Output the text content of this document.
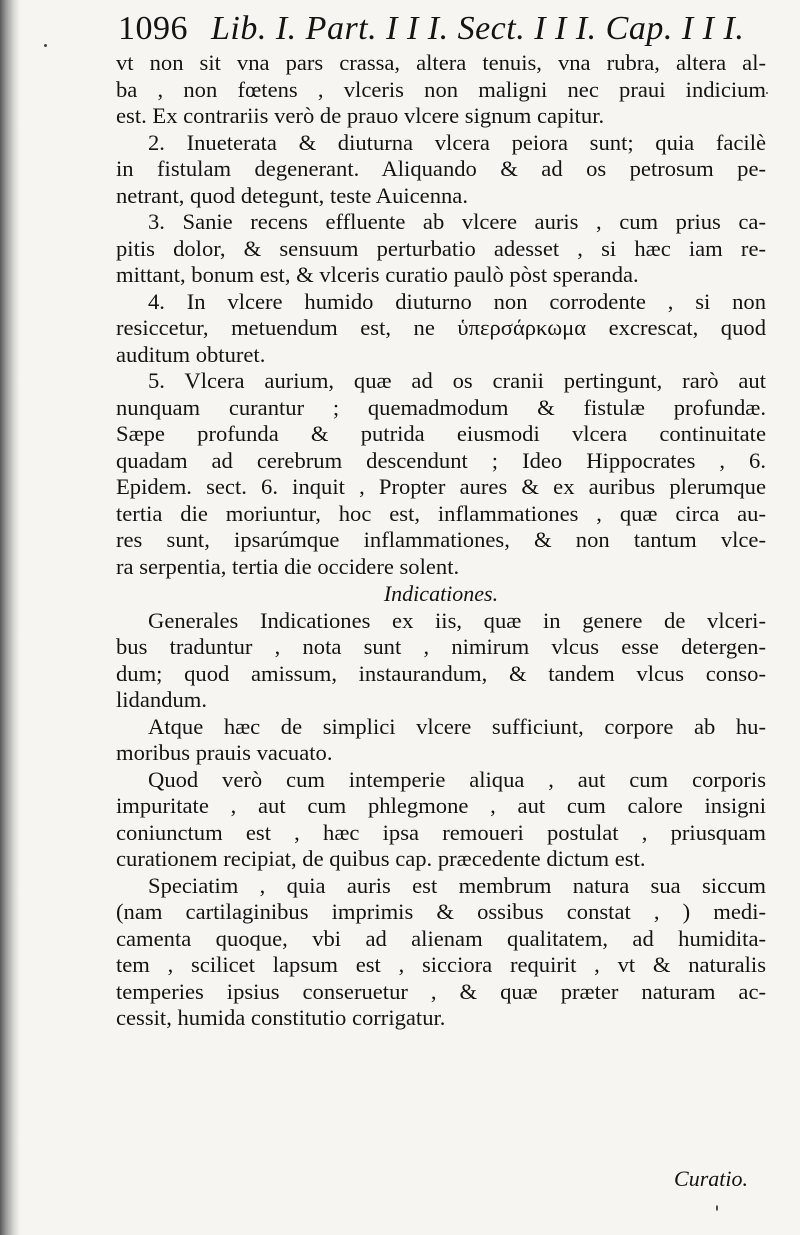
1096 Lib. I. Part. I I I. Sect. I I I. Cap. I I I.

vt non sit vna pars crassa, altera tenuis, vna rubra, altera al-
ba , non fœtens , vlceris non maligni nec praui indicium
est. Ex contrariis verò de prauo vlcere signum capitur.

2. Inueterata & diuturna vlcera peiora sunt; quia facilè
in fistulam degenerant. Aliquando & ad os petrosum pe-
netrant, quod detegunt, teste Auicenna.

3. Sanie recens effluente ab vlcere auris , cum prius ca-
pitis dolor, & sensuum perturbatio adesset , si hæc iam re-
mittant, bonum est, & vlceris curatio paulò pòst speranda.

4. In vlcere humido diuturno non corrodente , si non
resiccetur, metuendum est, ne ὑπερσάρκωμα excrescat, quod
auditum obturet.

5. Vlcera aurium, quæ ad os cranii pertingunt, rarò aut
nunquam curantur ; quemadmodum & fistulæ profundæ.
Sæpe profunda & putrida eiusmodi vlcera continuitate
quadam ad cerebrum descendunt ; Ideo Hippocrates , 6.
Epidem. sect. 6. inquit , Propter aures & ex auribus plerumque
tertia die moriuntur, hoc est, inflammationes , quæ circa au-
res sunt, ipsarúmque inflammationes, & non tantum vlce-
ra serpentia, tertia die occidere solent.

Indicationes.

Generales Indicationes ex iis, quæ in genere de vlceri-
bus traduntur , nota sunt , nimirum vlcus esse detergen-
dum; quod amissum, instaurandum, & tandem vlcus conso-
lidandum.

Atque hæc de simplici vlcere sufficiunt, corpore ab hu-
moribus prauis vacuato.

Quod verò cum intemperie aliqua , aut cum corporis
impuritate , aut cum phlegmone , aut cum calore insigni
coniunctum est , hæc ipsa remoueri postulat , priusquam
curationem recipiat, de quibus cap. præcedente dictum est.

Speciatim , quia auris est membrum natura sua siccum
(nam cartilaginibus imprimis & ossibus constat , ) medi-
camenta quoque, vbi ad alienam qualitatem, ad humidita-
tem , scilicet lapsum est , sicciora requirit , vt & naturalis
temperies ipsius conseruetur , & quæ præter naturam ac-
cessit, humida constitutio corrigatur.

Curatio.
